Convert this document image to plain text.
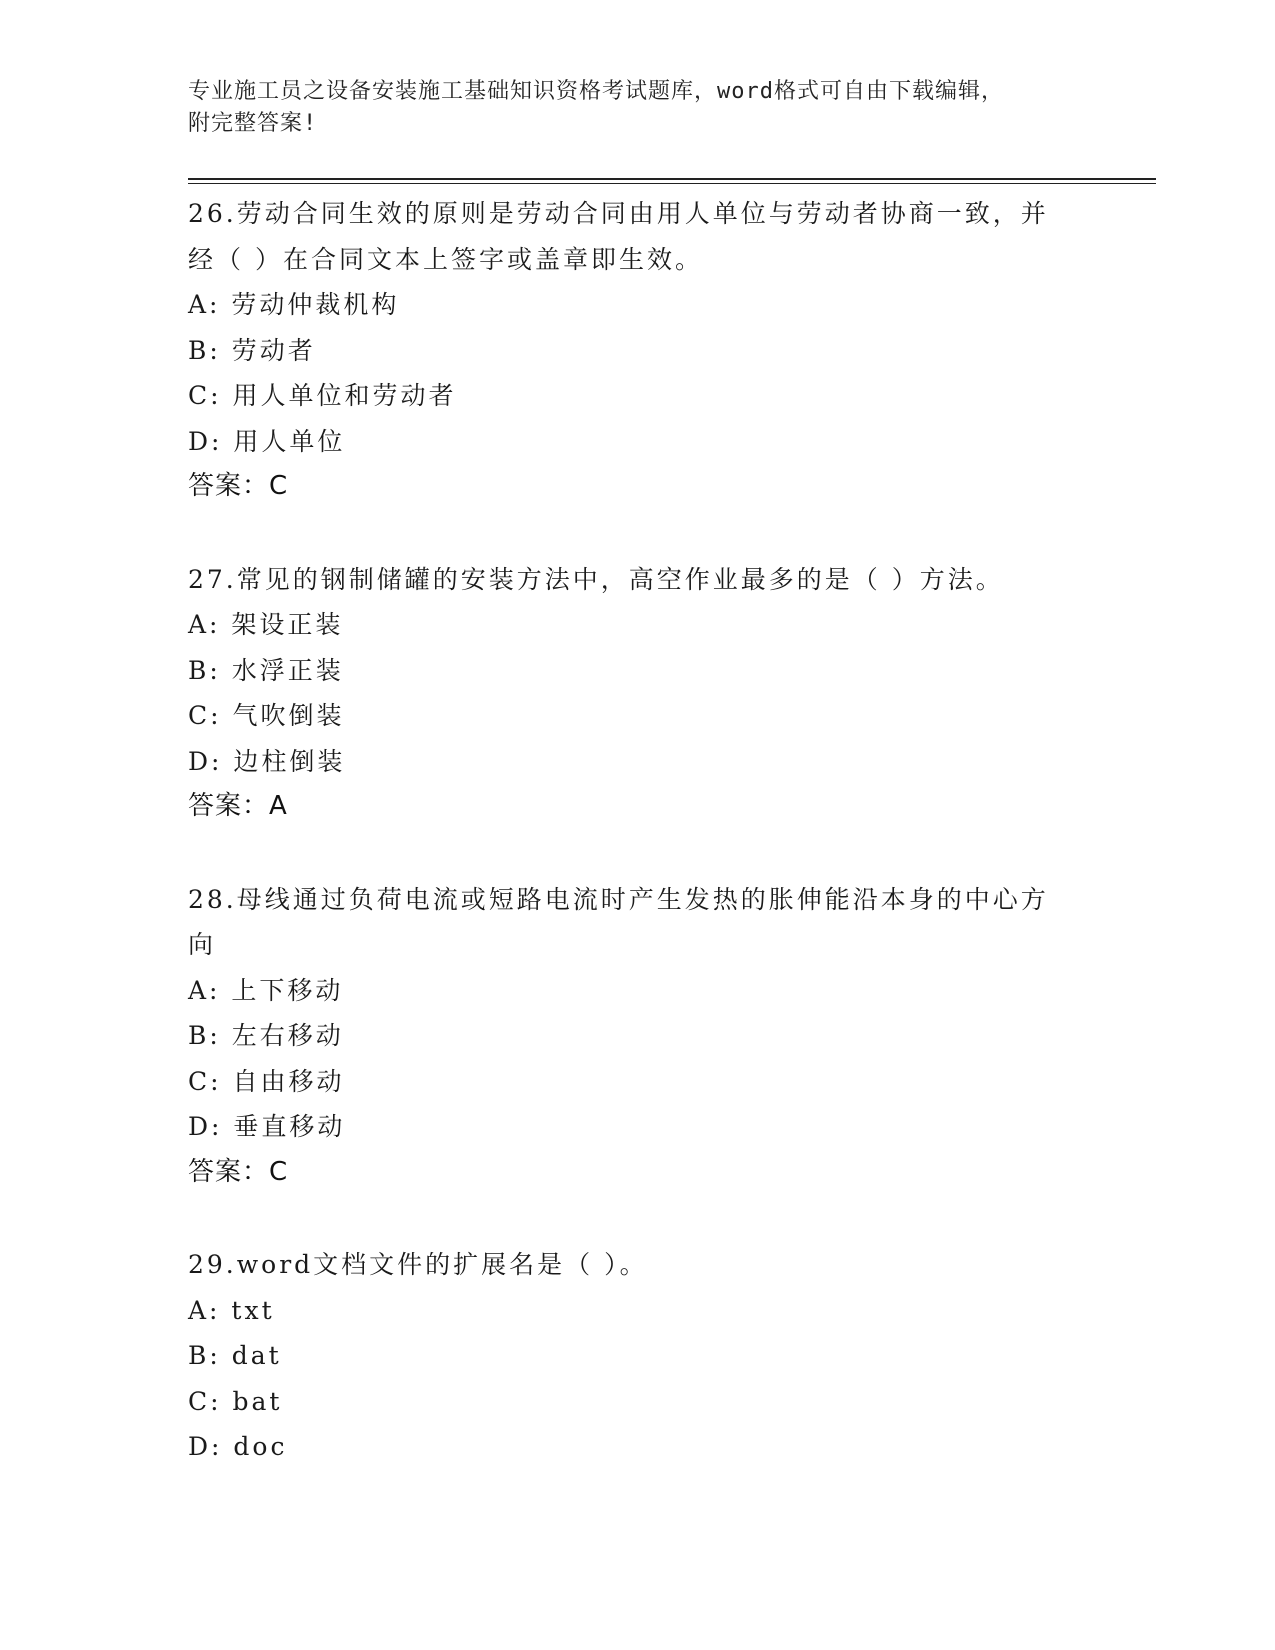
专业施工员之设备安装施工基础知识资格考试题库，word格式可自由下载编辑，
附完整答案!
26.劳动合同生效的原则是劳动合同由用人单位与劳动者协商一致，并经（ ）在合同文本上签字或盖章即生效。
A: 劳动仲裁机构
B: 劳动者
C: 用人单位和劳动者
D: 用人单位
答案：C
27.常见的钢制储罐的安装方法中，高空作业最多的是（ ）方法。
A: 架设正装
B: 水浮正装
C: 气吹倒装
D: 边柱倒装
答案：A
28.母线通过负荷电流或短路电流时产生发热的胀伸能沿本身的中心方向
A: 上下移动
B: 左右移动
C: 自由移动
D: 垂直移动
答案：C
29.word文档文件的扩展名是（ ）。
A: txt
B: dat
C: bat
D: doc
